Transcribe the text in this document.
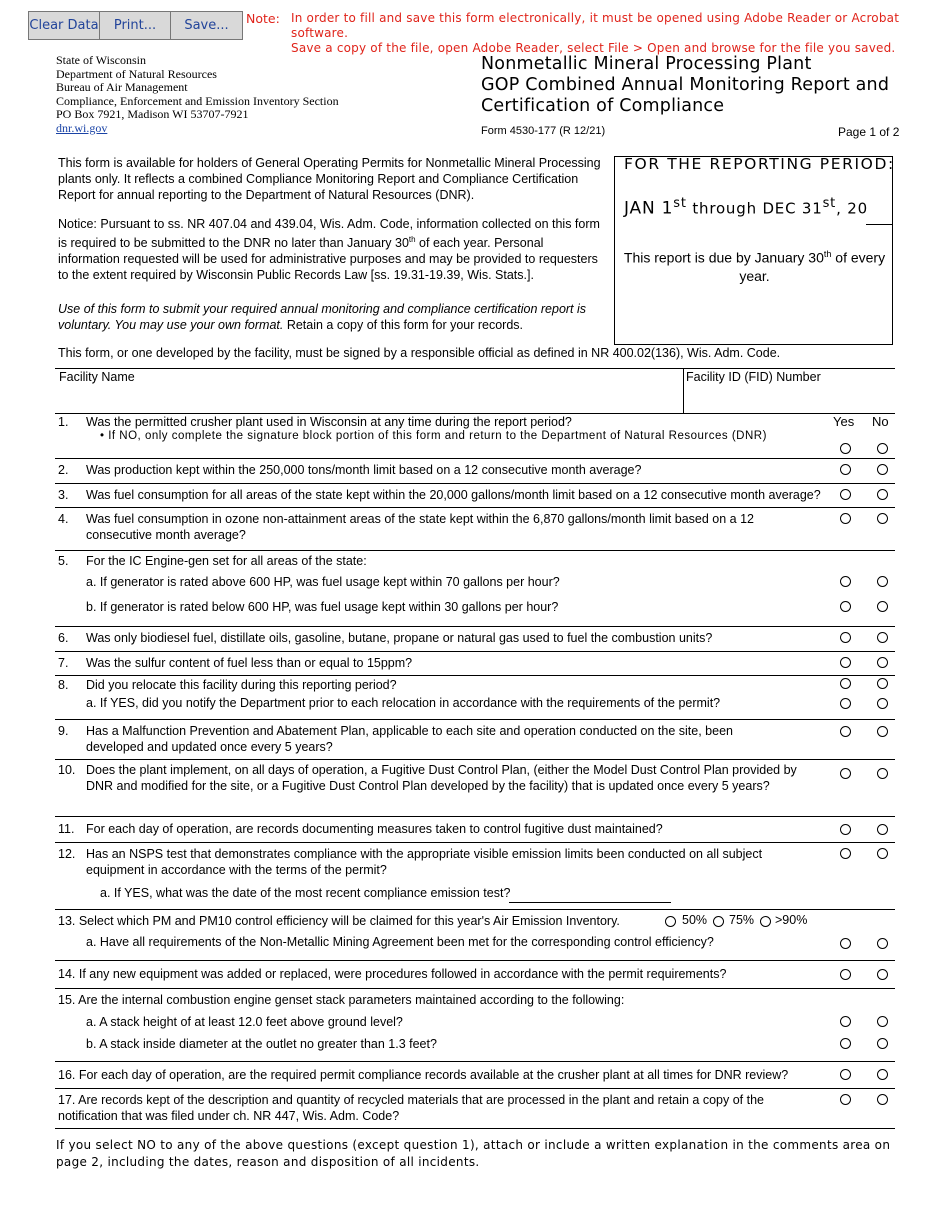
Clear Data	Print...	Save...	Note: In order to fill and save this form electronically, it must be opened using Adobe Reader or Acrobat software.
Save a copy of the file, open Adobe Reader, select File > Open and browse for the file you saved.
State of Wisconsin
Department of Natural Resources
Bureau of Air Management
Compliance, Enforcement and Emission Inventory Section
PO Box 7921, Madison WI 53707-7921
dnr.wi.gov
Nonmetallic Mineral Processing Plant
GOP Combined Annual Monitoring Report and
Certification of Compliance
Form 4530-177 (R 12/21)	Page 1 of 2

This form is available for holders of General Operating Permits for Nonmetallic Mineral Processing plants only. It reflects a combined Compliance Monitoring Report and Compliance Certification Report for annual reporting to the Department of Natural Resources (DNR).

Notice: Pursuant to ss. NR 407.04 and 439.04, Wis. Adm. Code, information collected on this form is required to be submitted to the DNR no later than January 30th of each year. Personal information requested will be used for administrative purposes and may be provided to requesters to the extent required by Wisconsin Public Records Law [ss. 19.31-19.39, Wis. Stats.].

Use of this form to submit your required annual monitoring and compliance certification report is voluntary. You may use your own format. Retain a copy of this form for your records.

FOR THE REPORTING PERIOD:
JAN 1st through DEC 31st, 20
This report is due by January 30th of every year.
This form, or one developed by the facility, must be signed by a responsible official as defined in NR 400.02(136), Wis. Adm. Code.
Facility Name	Facility ID (FID) Number
Yes No
1. Was the permitted crusher plant used in Wisconsin at any time during the report period?
• If NO, only complete the signature block portion of this form and return to the Department of Natural Resources (DNR)
2. Was production kept within the 250,000 tons/month limit based on a 12 consecutive month average?
3. Was fuel consumption for all areas of the state kept within the 20,000 gallons/month limit based on a 12 consecutive month average?
4. Was fuel consumption in ozone non-attainment areas of the state kept within the 6,870 gallons/month limit based on a 12 consecutive month average?
5. For the IC Engine-gen set for all areas of the state:
a. If generator is rated above 600 HP, was fuel usage kept within 70 gallons per hour?
b. If generator is rated below 600 HP, was fuel usage kept within 30 gallons per hour?
6. Was only biodiesel fuel, distillate oils, gasoline, butane, propane or natural gas used to fuel the combustion units?
7. Was the sulfur content of fuel less than or equal to 15ppm?
8. Did you relocate this facility during this reporting period?
a. If YES, did you notify the Department prior to each relocation in accordance with the requirements of the permit?
9. Has a Malfunction Prevention and Abatement Plan, applicable to each site and operation conducted on the site, been developed and updated once every 5 years?
10. Does the plant implement, on all days of operation, a Fugitive Dust Control Plan, (either the Model Dust Control Plan provided by DNR and modified for the site, or a Fugitive Dust Control Plan developed by the facility) that is updated once every 5 years?
11. For each day of operation, are records documenting measures taken to control fugitive dust maintained?
12. Has an NSPS test that demonstrates compliance with the appropriate visible emission limits been conducted on all subject equipment in accordance with the terms of the permit?
a. If YES, what was the date of the most recent compliance emission test?
13. Select which PM and PM10 control efficiency will be claimed for this year's Air Emission Inventory.	50% 75% >90%
a. Have all requirements of the Non-Metallic Mining Agreement been met for the corresponding control efficiency?
14. If any new equipment was added or replaced, were procedures followed in accordance with the permit requirements?
15. Are the internal combustion engine genset stack parameters maintained according to the following:
a. A stack height of at least 12.0 feet above ground level?
b. A stack inside diameter at the outlet no greater than 1.3 feet?
16. For each day of operation, are the required permit compliance records available at the crusher plant at all times for DNR review?
17. Are records kept of the description and quantity of recycled materials that are processed in the plant and retain a copy of the notification that was filed under ch. NR 447, Wis. Adm. Code?
If you select NO to any of the above questions (except question 1), attach or include a written explanation in the comments area on page 2, including the dates, reason and disposition of all incidents.
